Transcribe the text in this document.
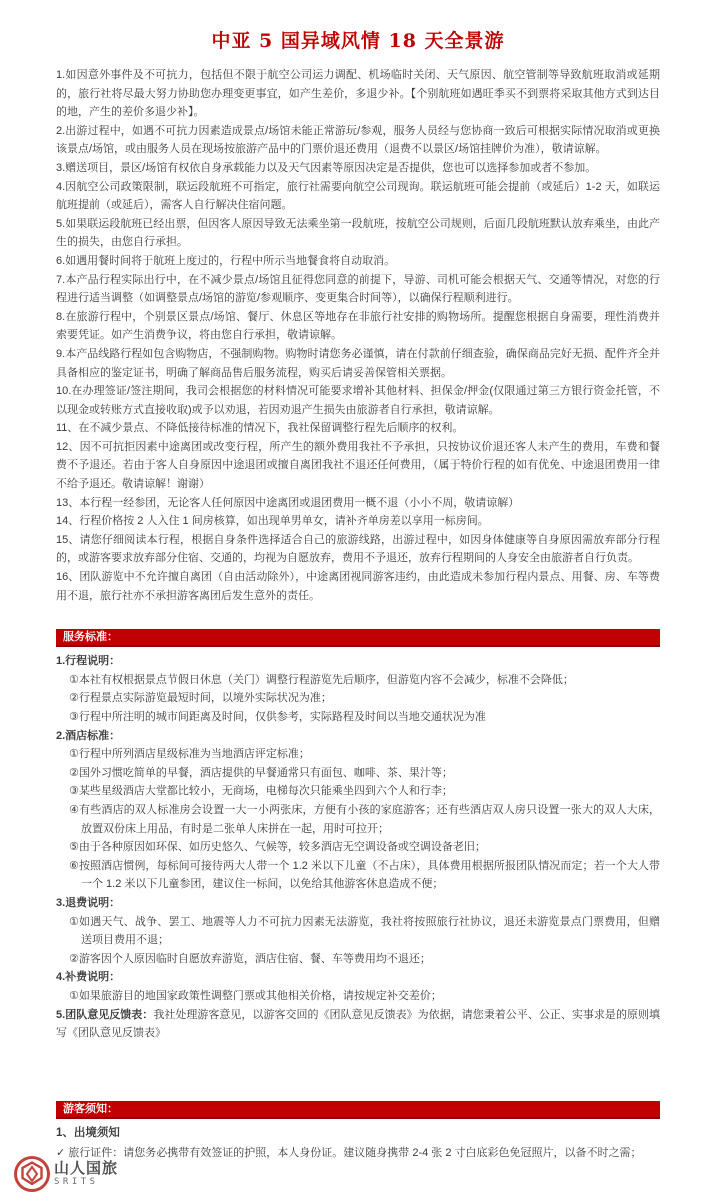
中亚 5 国异域风情 18 天全景游

1.如因意外事件及不可抗力，包括但不限于航空公司运力调配、机场临时关闭、天气原因、航空管制等导致航班取消或延期的，旅行社将尽最大努力协助您办理变更事宜，如产生差价，多退少补。【个别航班如遇旺季买不到票将采取其他方式到达目的地，产生的差价多退少补】。

2.出游过程中，如遇不可抗力因素造成景点/场馆未能正常游玩/参观，服务人员经与您协商一致后可根据实际情况取消或更换该景点/场馆，或由服务人员在现场按旅游产品中的门票价退还费用（退费不以景区/场馆挂牌价为准），敬请谅解。

3.赠送项目，景区/场馆有权依自身承载能力以及天气因素等原因决定是否提供，您也可以选择参加或者不参加。

4.因航空公司政策限制，联运段航班不可指定，旅行社需要向航空公司现询。联运航班可能会提前（或延后）1-2 天，如联运航班提前（或延后），需客人自行解决住宿问题。

5.如果联运段航班已经出票，但因客人原因导致无法乘坐第一段航班，按航空公司规则，后面几段航班默认放弃乘坐，由此产生的损失，由您自行承担。

6.如遇用餐时间将于航班上度过的，行程中所示当地餐食将自动取消。

7.本产品行程实际出行中，在不减少景点/场馆且征得您同意的前提下，导游、司机可能会根据天气、交通等情况，对您的行程进行适当调整（如调整景点/场馆的游览/参观顺序、变更集合时间等），以确保行程顺利进行。

8.在旅游行程中，个别景区景点/场馆、餐厅、休息区等地存在非旅行社安排的购物场所。提醒您根据自身需要，理性消费并索要凭证。如产生消费争议，将由您自行承担，敬请谅解。

9.本产品线路行程如包含购物店，不强制购物。购物时请您务必谨慎，请在付款前仔细查验，确保商品完好无损、配件齐全并具备相应的鉴定证书，明确了解商品售后服务流程，购买后请妥善保管相关票据。

10.在办理签证/签注期间，我司会根据您的材料情况可能要求增补其他材料、担保金/押金(仅限通过第三方银行资金托管，不以现金或转账方式直接收取)或予以劝退，若因劝退产生损失由旅游者自行承担，敬请谅解。

11、在不减少景点、不降低接待标准的情况下，我社保留调整行程先后顺序的权利。

12、因不可抗拒因素中途离团或改变行程，所产生的额外费用我社不予承担，只按协议价退还客人未产生的费用，车费和餐费不予退还。若由于客人自身原因中途退团或擅自离团我社不退还任何费用，（属于特价行程的如有优免、中途退团费用一律不给予退还。敬请谅解！谢谢）

13、本行程一经参团，无论客人任何原因中途离团或退团费用一概不退（小小不周，敬请谅解）

14、行程价格按 2 人入住 1 间房核算，如出现单男单女，请补齐单房差以享用一标房间。

15、请您仔细阅读本行程，根据自身条件选择适合自己的旅游线路，出游过程中，如因身体健康等自身原因需放弃部分行程的，或游客要求放弃部分住宿、交通的，均视为自愿放弃，费用不予退还，放弃行程期间的人身安全由旅游者自行负责。

16、团队游览中不允许擅自离团（自由活动除外），中途离团视同游客违约，由此造成未参加行程内景点、用餐、房、车等费用不退，旅行社亦不承担游客离团后发生意外的责任。

服务标准：

1.行程说明：

①本社有权根据景点节假日休息（关门）调整行程游览先后顺序，但游览内容不会减少，标准不会降低；

②行程景点实际游览最短时间，以境外实际状况为准；

③行程中所注明的城市间距离及时间，仅供参考，实际路程及时间以当地交通状况为准

2.酒店标准：

①行程中所列酒店星级标准为当地酒店评定标准；

②国外习惯吃简单的早餐，酒店提供的早餐通常只有面包、咖啡、茶、果汁等；

③某些星级酒店大堂都比较小，无商场，电梯每次只能乘坐四到六个人和行李；

④有些酒店的双人标准房会设置一大一小两张床，方便有小孩的家庭游客；还有些酒店双人房只设置一张大的双人大床，放置双份床上用品，有时是二张单人床拼在一起，用时可拉开；

⑤由于各种原因如环保、如历史悠久、气候等，较多酒店无空调设备或空调设备老旧；

⑥按照酒店惯例，每标间可接待两大人带一个 1.2 米以下儿童（不占床），具体费用根据所报团队情况而定；若一个大人带一个 1.2 米以下儿童参团，建议住一标间，以免给其他游客休息造成不便；

3.退费说明：

①如遇天气、战争、罢工、地震等人力不可抗力因素无法游览，我社将按照旅行社协议，退还未游览景点门票费用，但赠送项目费用不退；

②游客因个人原因临时自愿放弃游览，酒店住宿、餐、车等费用均不退还；

4.补费说明：

①如果旅游目的地国家政策性调整门票或其他相关价格，请按规定补交差价；

5.团队意见反馈表：我社处理游客意见，以游客交回的《团队意见反馈表》为依据，请您秉着公平、公正、实事求是的原则填写《团队意见反馈表》

游客须知：

1、出境须知

✓ 旅行证件：请您务必携带有效签证的护照，本人身份证。建议随身携带 2-4 张 2 寸白底彩色免冠照片，以备不时之需；

山人国旅
SRITS
